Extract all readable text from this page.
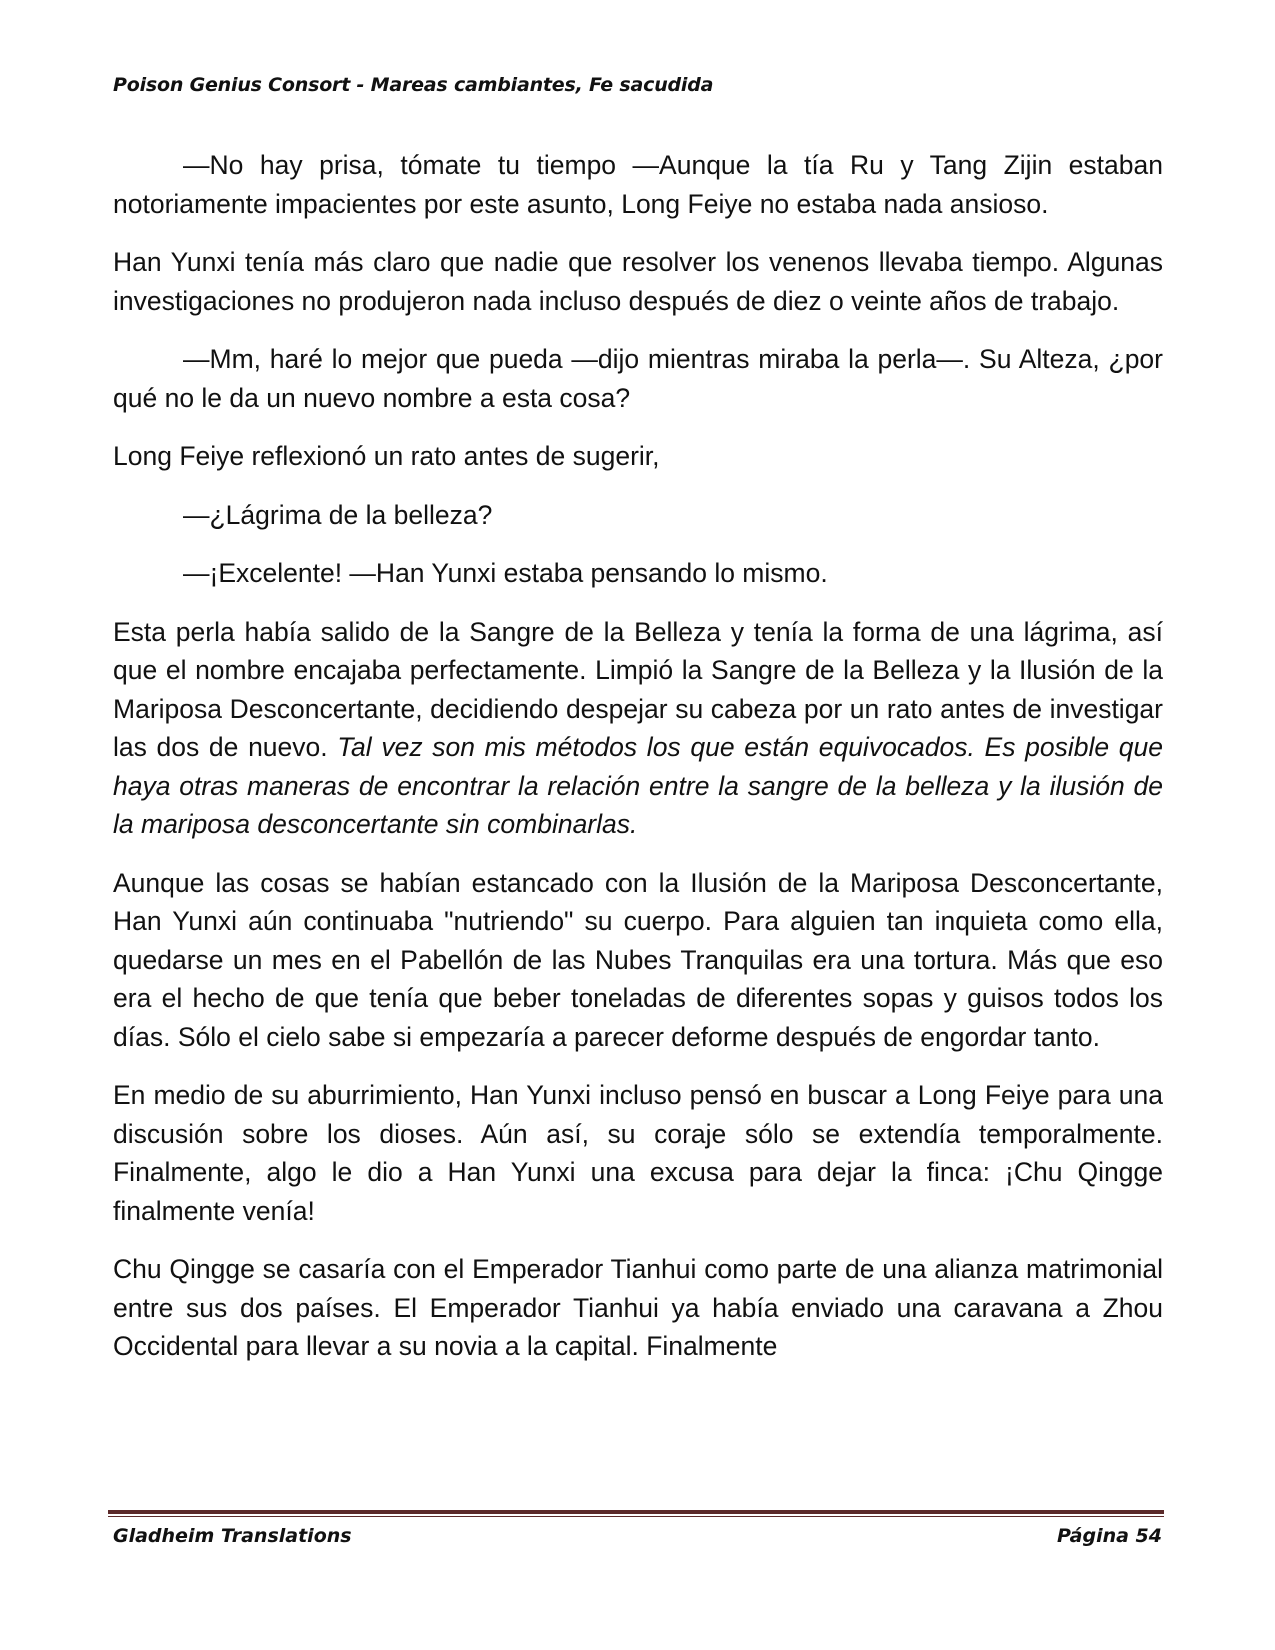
Poison Genius Consort - Mareas cambiantes, Fe sacudida

—No hay prisa, tómate tu tiempo —Aunque la tía Ru y Tang Zijin estaban notoriamente impacientes por este asunto, Long Feiye no estaba nada ansioso.

Han Yunxi tenía más claro que nadie que resolver los venenos llevaba tiempo. Algunas investigaciones no produjeron nada incluso después de diez o veinte años de trabajo.

—Mm, haré lo mejor que pueda —dijo mientras miraba la perla—. Su Alteza, ¿por qué no le da un nuevo nombre a esta cosa?

Long Feiye reflexionó un rato antes de sugerir,

—¿Lágrima de la belleza?

—¡Excelente! —Han Yunxi estaba pensando lo mismo.

Esta perla había salido de la Sangre de la Belleza y tenía la forma de una lágrima, así que el nombre encajaba perfectamente. Limpió la Sangre de la Belleza y la Ilusión de la Mariposa Desconcertante, decidiendo despejar su cabeza por un rato antes de investigar las dos de nuevo. Tal vez son mis métodos los que están equivocados. Es posible que haya otras maneras de encontrar la relación entre la sangre de la belleza y la ilusión de la mariposa desconcertante sin combinarlas.

Aunque las cosas se habían estancado con la Ilusión de la Mariposa Desconcertante, Han Yunxi aún continuaba "nutriendo" su cuerpo. Para alguien tan inquieta como ella, quedarse un mes en el Pabellón de las Nubes Tranquilas era una tortura. Más que eso era el hecho de que tenía que beber toneladas de diferentes sopas y guisos todos los días. Sólo el cielo sabe si empezaría a parecer deforme después de engordar tanto.

En medio de su aburrimiento, Han Yunxi incluso pensó en buscar a Long Feiye para una discusión sobre los dioses. Aún así, su coraje sólo se extendía temporalmente. Finalmente, algo le dio a Han Yunxi una excusa para dejar la finca: ¡Chu Qingge finalmente venía!

Chu Qingge se casaría con el Emperador Tianhui como parte de una alianza matrimonial entre sus dos países. El Emperador Tianhui ya había enviado una caravana a Zhou Occidental para llevar a su novia a la capital. Finalmente

Gladheim Translations	Página 54
